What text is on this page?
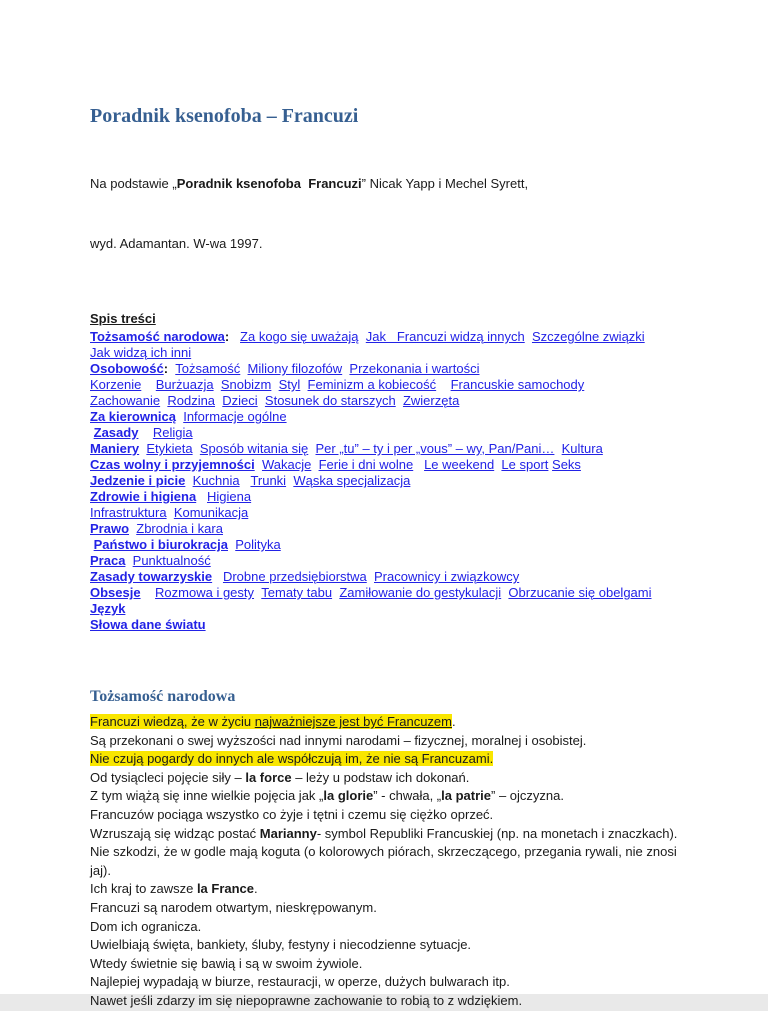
Poradnik ksenofoba – Francuzi

Na podstawie „Poradnik ksenofoba  Francuzi” Nicak Yapp i Mechel Syrett,

wyd. Adamantan. W-wa 1997.

Spis treści
Tożsamość narodowa: Za kogo się uważają Jak   Francuzi widzą innych Szczególne związki
Jak widzą ich inni
Osobowość: Tożsamość Miliony filozofów Przekonania i wartości
Korzenie Burżuazja Snobizm Styl Feminizm a kobiecość Francuskie samochody
Zachowanie Rodzina Dzieci Stosunek do starszych Zwierzęta
Za kierownicą Informacje ogólne
Zasady Religia
Maniery Etykieta Sposób witania się Per „tu” – ty i per „vous” – wy, Pan/Pani… Kultura
Czas wolny i przyjemności Wakacje Ferie i dni wolne Le weekend Le sport Seks
Jedzenie i picie Kuchnia Trunki Wąska specjalizacja
Zdrowie i higiena Higiena
Infrastruktura Komunikacja
Prawo Zbrodnia i kara
Państwo i biurokracja Polityka
Praca Punktualność
Zasady towarzyskie Drobne przedsiębiorstwa Pracownicy i związkowcy
Obsesje Rozmowa i gesty Tematy tabu Zamiłowanie do gestykulacji Obrzucanie się obelgami
Język
Słowa dane światu
Tożsamość narodowa
Francuzi wiedzą, że w życiu najważniejsze jest być Francuzem.
Są przekonani o swej wyższości nad innymi narodami – fizycznej, moralnej i osobistej.
Nie czują pogardy do innych ale współczują im, że nie są Francuzami.
Od tysiącleci pojęcie siły – la force – leży u podstaw ich dokonań.
Z tym wiążą się inne wielkie pojęcia jak „la glorie” - chwała, „la patrie” – ojczyzna.
Francuzów pociąga wszystko co żyje i tętni i czemu się ciężko oprzeć.
Wzruszają się widząc postać Marianny- symbol Republiki Francuskiej (np. na monetach i znaczkach).
Nie szkodzi, że w godle mają koguta (o kolorowych piórach, skrzeczącego, przegania rywali, nie znosi
jaj).
Ich kraj to zawsze la France.
Francuzi są narodem otwartym, nieskrępowanym.
Dom ich ogranicza.
Uwielbiają święta, bankiety, śluby, festyny i niecodzienne sytuacje.
Wtedy świetnie się bawią i są w swoim żywiole.
Najlepiej wypadają w biurze, restauracji, w operze, dużych bulwarach itp.
Nawet jeśli zdarzy im się niepoprawne zachowanie to robią to z wdziękiem.
